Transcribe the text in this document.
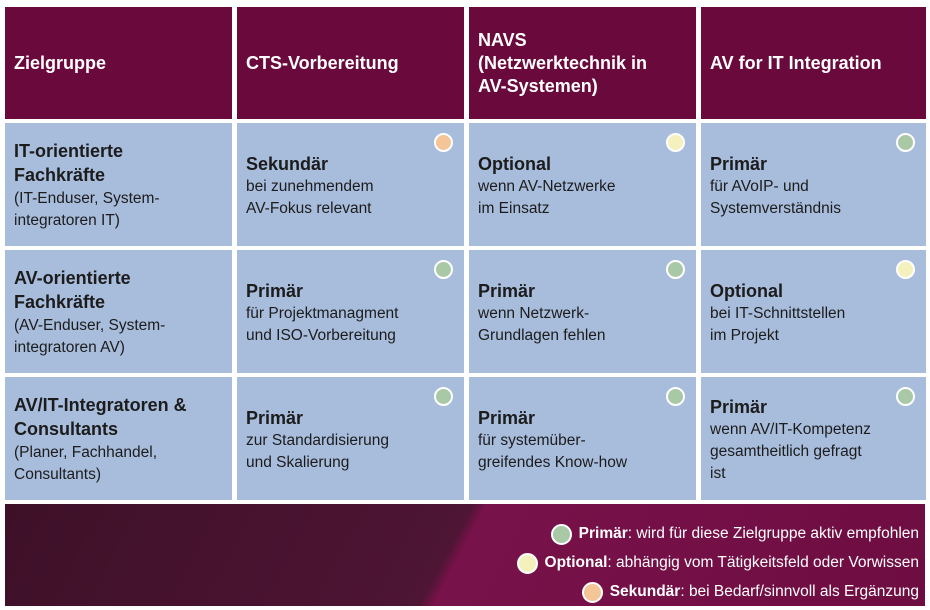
Zielgruppe	CTS-Vorbereitung
NAVS
(Netzwerktechnik in
AV-Systemen)
AV for IT Integration
IT-orientierte
Fachkräfte
(IT-Enduser, System-
integratoren IT)
Sekundär
bei zunehmendem
AV-Fokus relevant
Optional
wenn AV-Netzwerke
im Einsatz
Primär
für AVoIP- und
Systemverständnis
AV-orientierte
Fachkräfte
(AV-Enduser, System-
integratoren AV)
Primär
für Projektmanagment
und ISO-Vorbereitung
Primär
wenn Netzwerk-
Grundlagen fehlen
Optional
bei IT-Schnittstellen
im Projekt
AV/IT-Integratoren &
Consultants
(Planer, Fachhandel,
Consultants)
Primär
zur Standardisierung
und Skalierung
Primär
für systemüber-
greifendes Know-how
Primär
wenn AV/IT-Kompetenz
gesamtheitlich gefragt
ist
Primär : wird für diese Zielgruppe aktiv empfohlen
Optional : abhängig vom Tätigkeitsfeld oder Vorwissen
Sekundär : bei Bedarf/sinnvoll als Ergänzung
